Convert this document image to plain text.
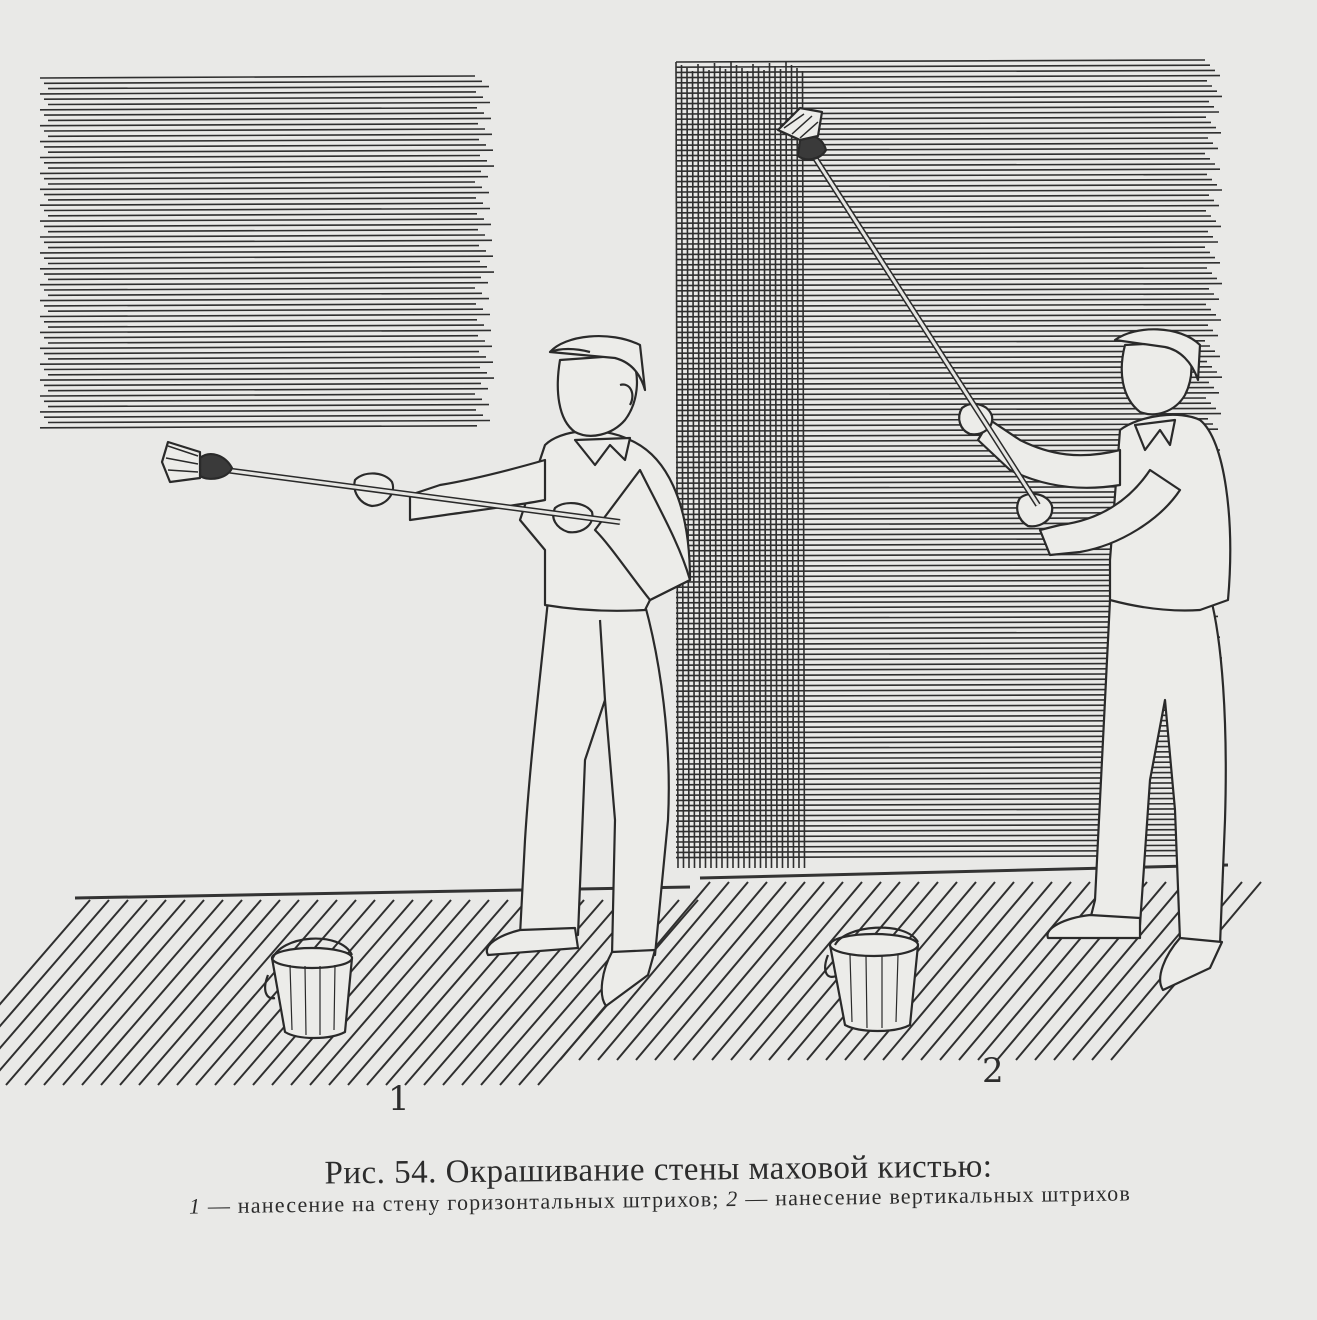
1
2
Рис. 54. Окрашивание стены маховой кистью:
1 — нанесение на стену горизонтальных штрихов; 2 — нанесение вертикальных штрихов
